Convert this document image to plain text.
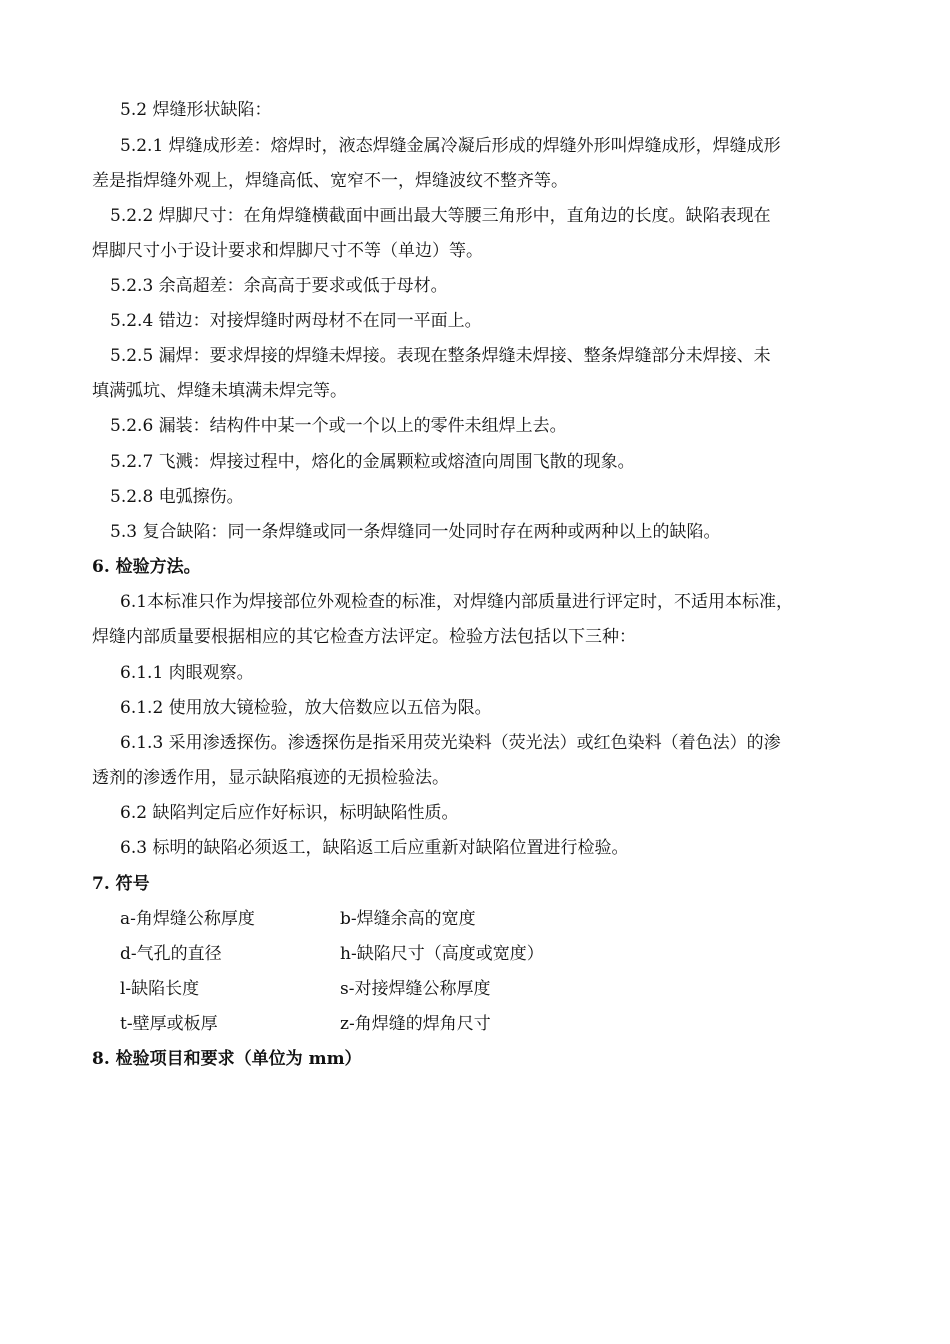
5.2 焊缝形状缺陷：
5.2.1 焊缝成形差：熔焊时，液态焊缝金属冷凝后形成的焊缝外形叫焊缝成形，焊缝成形
差是指焊缝外观上，焊缝高低、宽窄不一，焊缝波纹不整齐等。
5.2.2 焊脚尺寸：在角焊缝横截面中画出最大等腰三角形中，直角边的长度。缺陷表现在
焊脚尺寸小于设计要求和焊脚尺寸不等（单边）等。
5.2.3 余高超差：余高高于要求或低于母材。
5.2.4 错边：对接焊缝时两母材不在同一平面上。
5.2.5 漏焊：要求焊接的焊缝未焊接。表现在整条焊缝未焊接、整条焊缝部分未焊接、未
填满弧坑、焊缝未填满未焊完等。
5.2.6 漏装：结构件中某一个或一个以上的零件未组焊上去。
5.2.7 飞溅：焊接过程中，熔化的金属颗粒或熔渣向周围飞散的现象。
5.2.8 电弧擦伤。
5.3 复合缺陷：同一条焊缝或同一条焊缝同一处同时存在两种或两种以上的缺陷。
6. 检验方法。
6.1本标准只作为焊接部位外观检查的标准，对焊缝内部质量进行评定时，不适用本标准，
焊缝内部质量要根据相应的其它检查方法评定。检验方法包括以下三种：
6.1.1 肉眼观察。
6.1.2 使用放大镜检验，放大倍数应以五倍为限。
6.1.3 采用渗透探伤。渗透探伤是指采用荧光染料（荧光法）或红色染料（着色法）的渗
透剂的渗透作用，显示缺陷痕迹的无损检验法。
6.2 缺陷判定后应作好标识，标明缺陷性质。
6.3 标明的缺陷必须返工，缺陷返工后应重新对缺陷位置进行检验。
7. 符号
a-角焊缝公称厚度	b-焊缝余高的宽度
d-气孔的直径	h-缺陷尺寸（高度或宽度）
l-缺陷长度	s-对接焊缝公称厚度
t-壁厚或板厚	z-角焊缝的焊角尺寸
8. 检验项目和要求（单位为 mm）
